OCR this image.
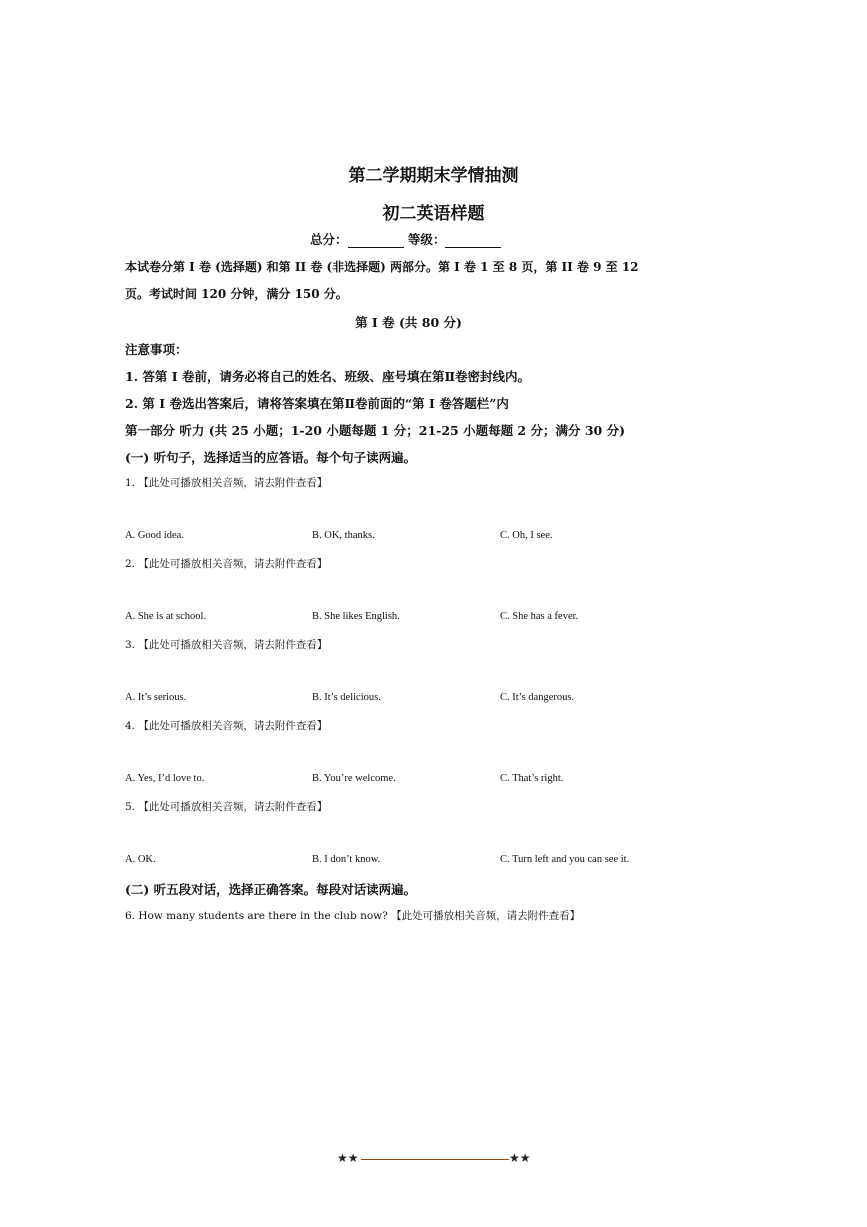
第二学期期末学情抽测
初二英语样题
总分：	等级：
本试卷分第 I 卷 (选择题) 和第 II 卷 (非选择题) 两部分。第 I 卷 1 至 8 页，第 II 卷 9 至 12
页。考试时间 120 分钟，满分 150 分。
第 I 卷 (共 80 分)
注意事项：
1. 答第 I 卷前，请务必将自己的姓名、班级、座号填在第Ⅱ卷密封线内。
2. 第 I 卷选出答案后，请将答案填在第Ⅱ卷前面的“第 I 卷答题栏”内
第一部分 听力 (共 25 小题；1-20 小题每题 1 分；21-25 小题每题 2 分；满分 30 分)
(一) 听句子，选择适当的应答语。每个句子读两遍。
1. 【此处可播放相关音频，请去附件查看】
A. Good idea.	B. OK, thanks.	C. Oh, I see.
2. 【此处可播放相关音频，请去附件查看】
A. She is at school.	B. She likes English.	C. She has a fever.
3. 【此处可播放相关音频，请去附件查看】
A. It’s serious.	B. It’s delicious.	C. It’s dangerous.
4. 【此处可播放相关音频，请去附件查看】
A. Yes, I’d love to.	B. You’re welcome.	C. That’s right.
5. 【此处可播放相关音频，请去附件查看】
A. OK.	B. I don’t know.	C. Turn left and you can see it.
(二) 听五段对话，选择正确答案。每段对话读两遍。
6. How many students are there in the club now? 【此处可播放相关音频，请去附件查看】
★★	★★
